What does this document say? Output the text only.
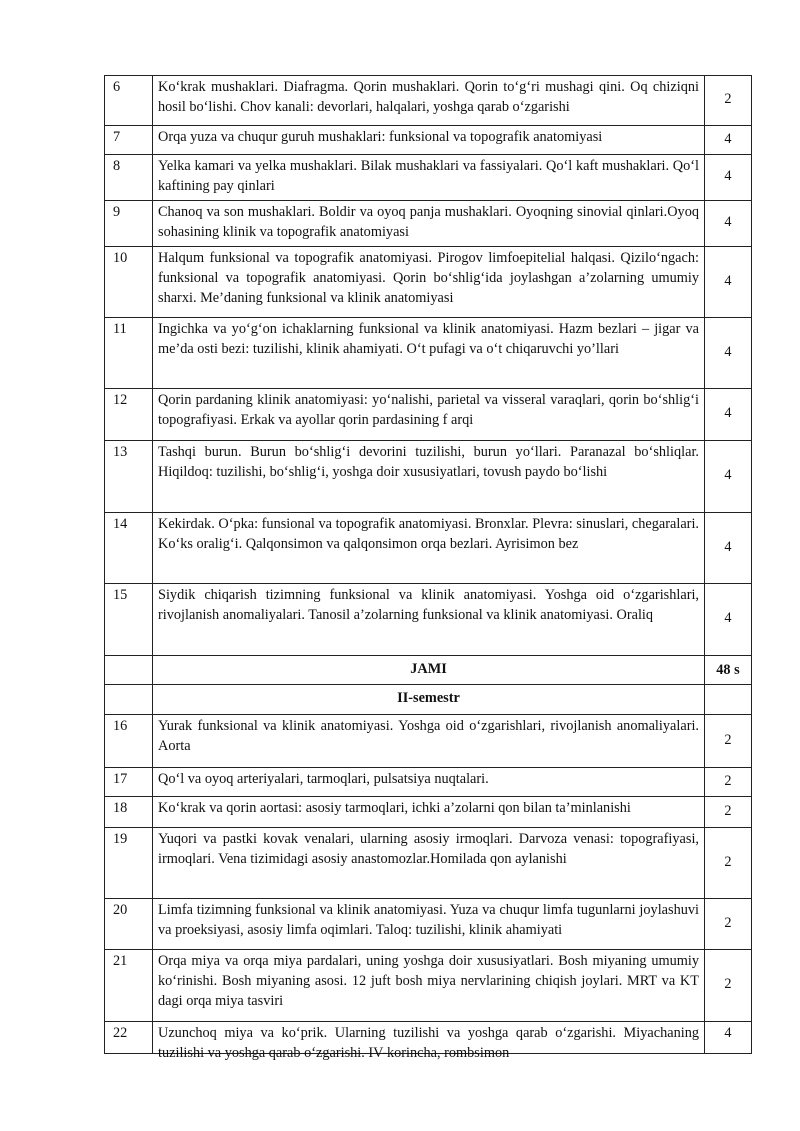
6	Ko‘krak mushaklari. Diafragma. Qorin mushaklari. Qorin to‘g‘ri mushagi qini. Oq chiziqni hosil bo‘lishi. Chov kanali: devorlari, halqalari, yoshga qarab o‘zgarishi	2
7	Orqa yuza va chuqur guruh mushaklari: funksional va topografik anatomiyasi	4
8	Yelka kamari va yelka mushaklari. Bilak mushaklari va fassiyalari. Qo‘l kaft mushaklari. Qo‘l kaftining pay qinlari	4
9	Chanoq va son mushaklari. Boldir va oyoq panja mushaklari. Oyoqning sinovial qinlari.Oyoq sohasining klinik va topografik anatomiyasi	4
10	Halqum funksional va topografik anatomiyasi. Pirogov limfoepitelial halqasi. Qizilo‘ngach: funksional va topografik anatomiyasi. Qorin bo‘shlig‘ida joylashgan a’zolarning umumiy sharxi. Me’daning funksional va klinik anatomiyasi	4
11	Ingichka va yo‘g‘on ichaklarning funksional va klinik anatomiyasi. Hazm bezlari – jigar va me’da osti bezi: tuzilishi, klinik ahamiyati. O‘t pufagi va o‘t chiqaruvchi yo’llari	4
12	Qorin pardaning klinik anatomiyasi: yo‘nalishi, parietal va visseral varaqlari, qorin bo‘shlig‘i topografiyasi. Erkak va ayollar qorin pardasining f arqi	4
13	Tashqi burun. Burun bo‘shlig‘i devorini tuzilishi, burun yo‘llari. Paranazal bo‘shliqlar. Hiqildoq: tuzilishi, bo‘shlig‘i, yoshga doir xususiyatlari, tovush paydo bo‘lishi	4
14	Kekirdak. O‘pka: funsional va topografik anatomiyasi. Bronxlar. Plevra: sinuslari, chegaralari. Ko‘ks oralig‘i. Qalqonsimon va qalqonsimon orqa bezlari. Ayrisimon bez	4
15	Siydik chiqarish tizimning funksional va klinik anatomiyasi. Yoshga oid o‘zgarishlari, rivojlanish anomaliyalari. Tanosil a’zolarning funksional va klinik anatomiyasi. Oraliq	4
	JAMI	48 s
	II-semestr	
16	Yurak funksional va klinik anatomiyasi. Yoshga oid o‘zgarishlari, rivojlanish anomaliyalari. Aorta	2
17	Qo‘l va oyoq arteriyalari, tarmoqlari, pulsatsiya nuqtalari.	2
18	Ko‘krak va qorin aortasi: asosiy tarmoqlari, ichki a’zolarni qon bilan ta’minlanishi	2
19	Yuqori va pastki kovak venalari, ularning asosiy irmoqlari. Darvoza venasi: topografiyasi, irmoqlari. Vena tizimidagi asosiy anastomozlar.Homilada qon aylanishi	2
20	Limfa tizimning funksional va klinik anatomiyasi. Yuza va chuqur limfa tugunlarni joylashuvi va proeksiyasi, asosiy limfa oqimlari. Taloq: tuzilishi, klinik ahamiyati	2
21	Orqa miya va orqa miya pardalari, uning yoshga doir xususiyatlari. Bosh miyaning umumiy ko‘rinishi. Bosh miyaning asosi. 12 juft bosh miya nervlarining chiqish joylari. MRT va KT dagi orqa miya tasviri	2
22	Uzunchoq miya va ko‘prik. Ularning tuzilishi va yoshga qarab o‘zgarishi. Miyachaning tuzilishi va yoshga qarab o‘zgarishi. IV-korincha, rombsimon	4
